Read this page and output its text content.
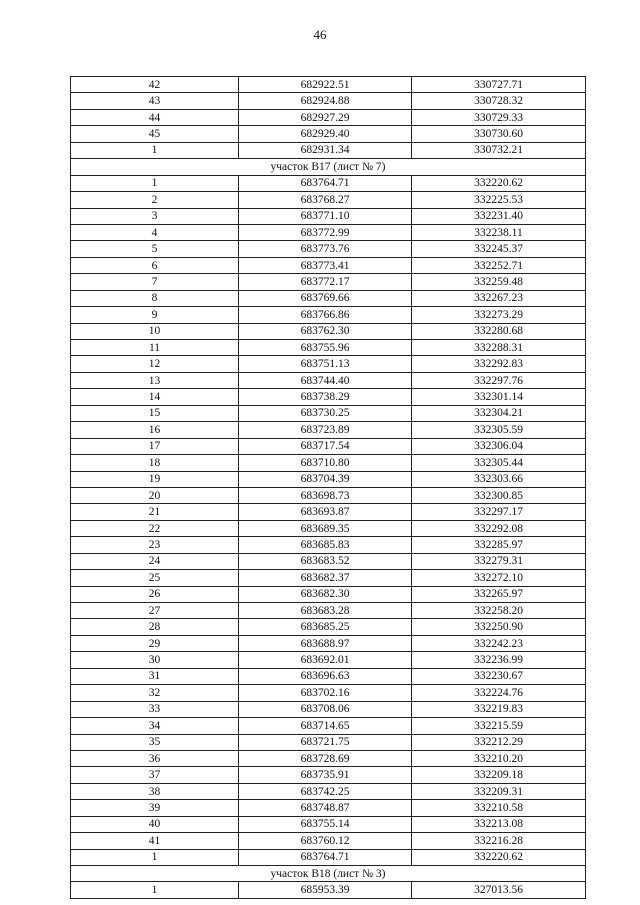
46
42	682922.51	330727.71
43	682924.88	330728.32
44	682927.29	330729.33
45	682929.40	330730.60
1	682931.34	330732.21
участок В17 (лист № 7)		
1	683764.71	332220.62
2	683768.27	332225.53
3	683771.10	332231.40
4	683772.99	332238.11
5	683773.76	332245.37
6	683773.41	332252.71
7	683772.17	332259.48
8	683769.66	332267.23
9	683766.86	332273.29
10	683762.30	332280.68
11	683755.96	332288.31
12	683751.13	332292.83
13	683744.40	332297.76
14	683738.29	332301.14
15	683730.25	332304.21
16	683723.89	332305.59
17	683717.54	332306.04
18	683710.80	332305.44
19	683704.39	332303.66
20	683698.73	332300.85
21	683693.87	332297.17
22	683689.35	332292.08
23	683685.83	332285.97
24	683683.52	332279.31
25	683682.37	332272.10
26	683682.30	332265.97
27	683683.28	332258.20
28	683685.25	332250.90
29	683688.97	332242.23
30	683692.01	332236.99
31	683696.63	332230.67
32	683702.16	332224.76
33	683708.06	332219.83
34	683714.65	332215.59
35	683721.75	332212.29
36	683728.69	332210.20
37	683735.91	332209.18
38	683742.25	332209.31
39	683748.87	332210.58
40	683755.14	332213.08
41	683760.12	332216.28
1	683764.71	332220.62
участок В18 (лист № 3)		
1	685953.39	327013.56
